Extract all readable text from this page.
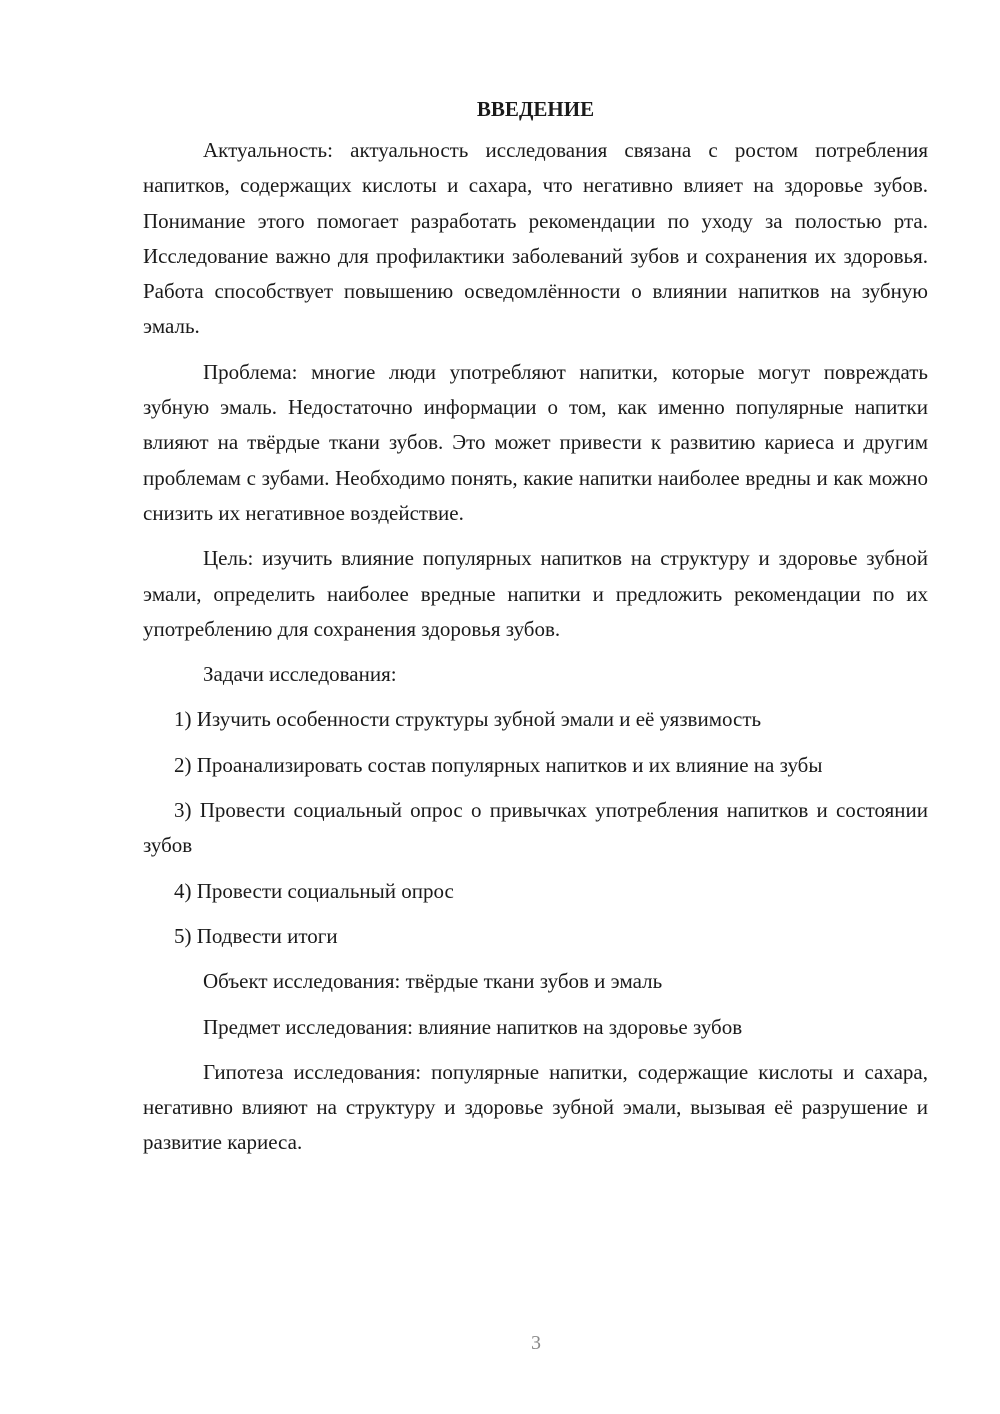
ВВЕДЕНИЕ

Актуальность: актуальность исследования связана с ростом потребления напитков, содержащих кислоты и сахара, что негативно влияет на здоровье зубов. Понимание этого помогает разработать рекомендации по уходу за полостью рта. Исследование важно для профилактики заболеваний зубов и сохранения их здоровья. Работа способствует повышению осведомлённости о влиянии напитков на зубную эмаль.

Проблема: многие люди употребляют напитки, которые могут повреждать зубную эмаль. Недостаточно информации о том, как именно популярные напитки влияют на твёрдые ткани зубов. Это может привести к развитию кариеса и другим проблемам с зубами. Необходимо понять, какие напитки наиболее вредны и как можно снизить их негативное воздействие.

Цель: изучить влияние популярных напитков на структуру и здоровье зубной эмали, определить наиболее вредные напитки и предложить рекомендации по их употреблению для сохранения здоровья зубов.

Задачи исследования:

1) Изучить особенности структуры зубной эмали и её уязвимость

2) Проанализировать состав популярных напитков и их влияние на зубы

3) Провести социальный опрос о привычках употребления напитков и состоянии зубов

4) Провести социальный опрос

5) Подвести итоги

Объект исследования: твёрдые ткани зубов и эмаль

Предмет исследования: влияние напитков на здоровье зубов

Гипотеза исследования: популярные напитки, содержащие кислоты и сахара, негативно влияют на структуру и здоровье зубной эмали, вызывая её разрушение и развитие кариеса.

3
